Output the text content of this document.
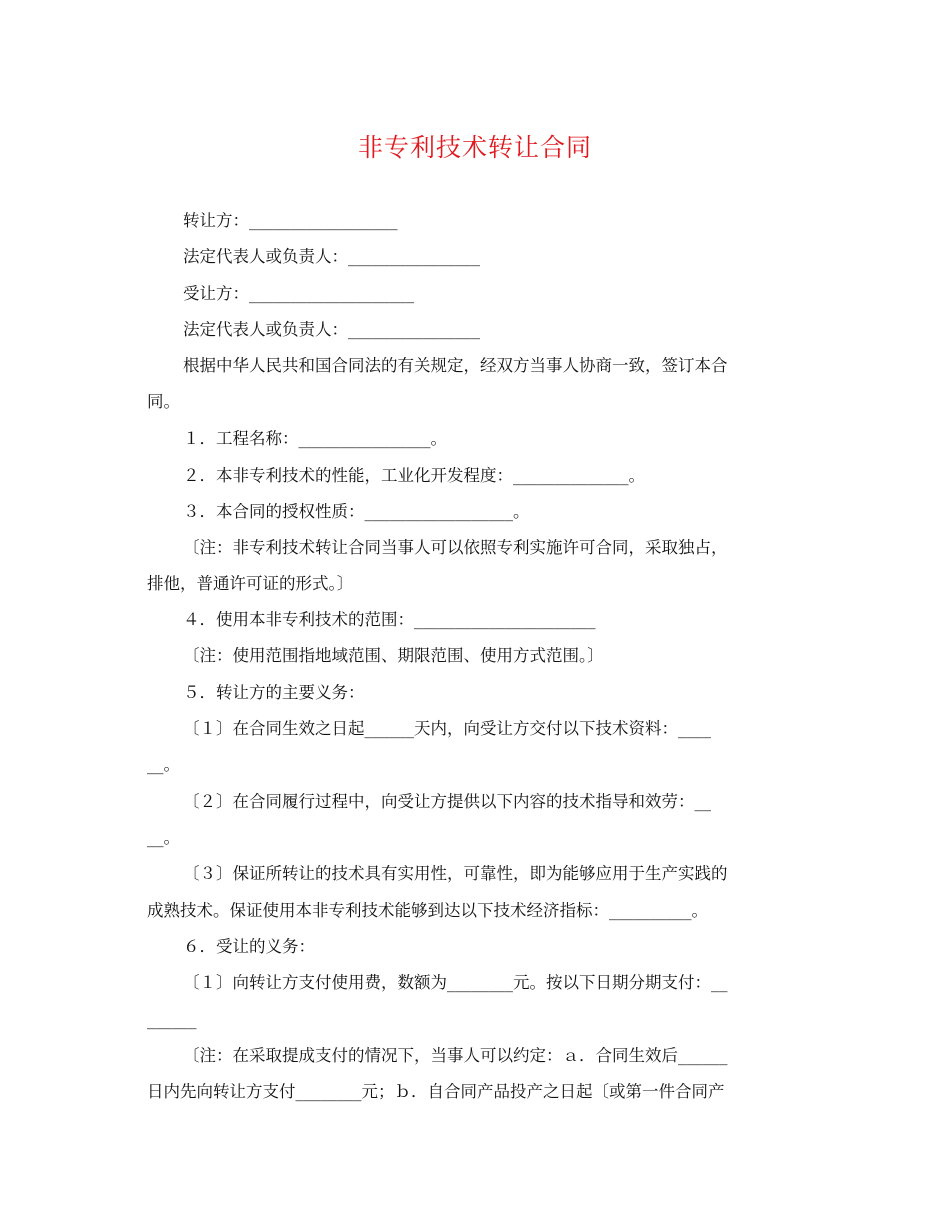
非专利技术转让合同
转让方：__________________
法定代表人或负责人：________________
受让方：____________________
法定代表人或负责人：________________
根据中华人民共和国合同法的有关规定，经双方当事人协商一致，签订本合
同。
１．工程名称：________________。
２．本非专利技术的性能，工业化开发程度：______________。
３．本合同的授权性质：__________________。
〔注：非专利技术转让合同当事人可以依照专利实施许可合同，采取独占，
排他，普通许可证的形式。〕
４．使用本非专利技术的范围：______________________
〔注：使用范围指地域范围、期限范围、使用方式范围。〕
５．转让方的主要义务：
〔１〕在合同生效之日起______天内，向受让方交付以下技术资料：____
__。
〔２〕在合同履行过程中，向受让方提供以下内容的技术指导和效劳：__
__。
〔３〕保证所转让的技术具有实用性，可靠性，即为能够应用于生产实践的
成熟技术。保证使用本非专利技术能够到达以下技术经济指标：__________。
６．受让的义务：
〔１〕向转让方支付使用费，数额为________元。按以下日期分期支付：__
______
〔注：在采取提成支付的情况下，当事人可以约定：ａ．合同生效后______
日内先向转让方支付________元；ｂ．自合同产品投产之日起〔或第一件合同产
